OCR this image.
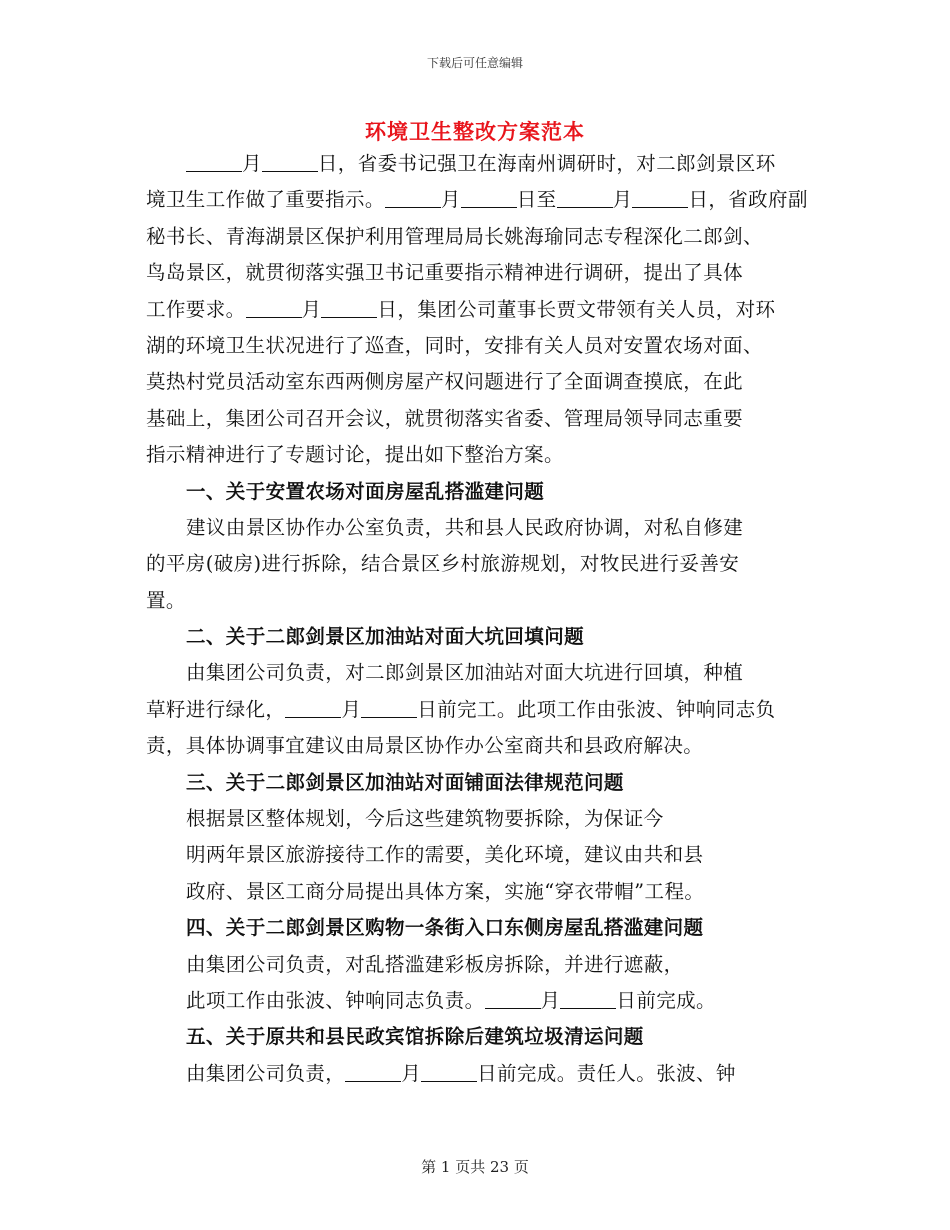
下载后可任意编辑
环境卫生整改方案范本
月	日，省委书记强卫在海南州调研时，对二郎剑景区环
境卫生工作做了重要指示。	月	日至	月	日，省政府副
秘书长、青海湖景区保护利用管理局局长姚海瑜同志专程深化二郎剑、
鸟岛景区，就贯彻落实强卫书记重要指示精神进行调研，提出了具体
工作要求。	月	日，集团公司董事长贾文带领有关人员，对环
湖的环境卫生状况进行了巡查，同时，安排有关人员对安置农场对面、
莫热村党员活动室东西两侧房屋产权问题进行了全面调查摸底，在此
基础上，集团公司召开会议，就贯彻落实省委、管理局领导同志重要
指示精神进行了专题讨论，提出如下整治方案。
一、关于安置农场对面房屋乱搭滥建问题
建议由景区协作办公室负责，共和县人民政府协调，对私自修建
的平房(破房)进行拆除，结合景区乡村旅游规划，对牧民进行妥善安
置。
二、关于二郎剑景区加油站对面大坑回填问题
由集团公司负责，对二郎剑景区加油站对面大坑进行回填，种植
草籽进行绿化，	月	日前完工。此项工作由张波、钟响同志负
责，具体协调事宜建议由局景区协作办公室商共和县政府解决。
三、关于二郎剑景区加油站对面铺面法律规范问题
根据景区整体规划，今后这些建筑物要拆除，为保证今
明两年景区旅游接待工作的需要，美化环境，建议由共和县
政府、景区工商分局提出具体方案，实施“穿衣带帽”工程。
四、关于二郎剑景区购物一条街入口东侧房屋乱搭滥建问题
由集团公司负责，对乱搭滥建彩板房拆除，并进行遮蔽，
此项工作由张波、钟响同志负责。	月	日前完成。
五、关于原共和县民政宾馆拆除后建筑垃圾清运问题
由集团公司负责，	月	日前完成。责任人。张波、钟
第 1 页共 23 页
